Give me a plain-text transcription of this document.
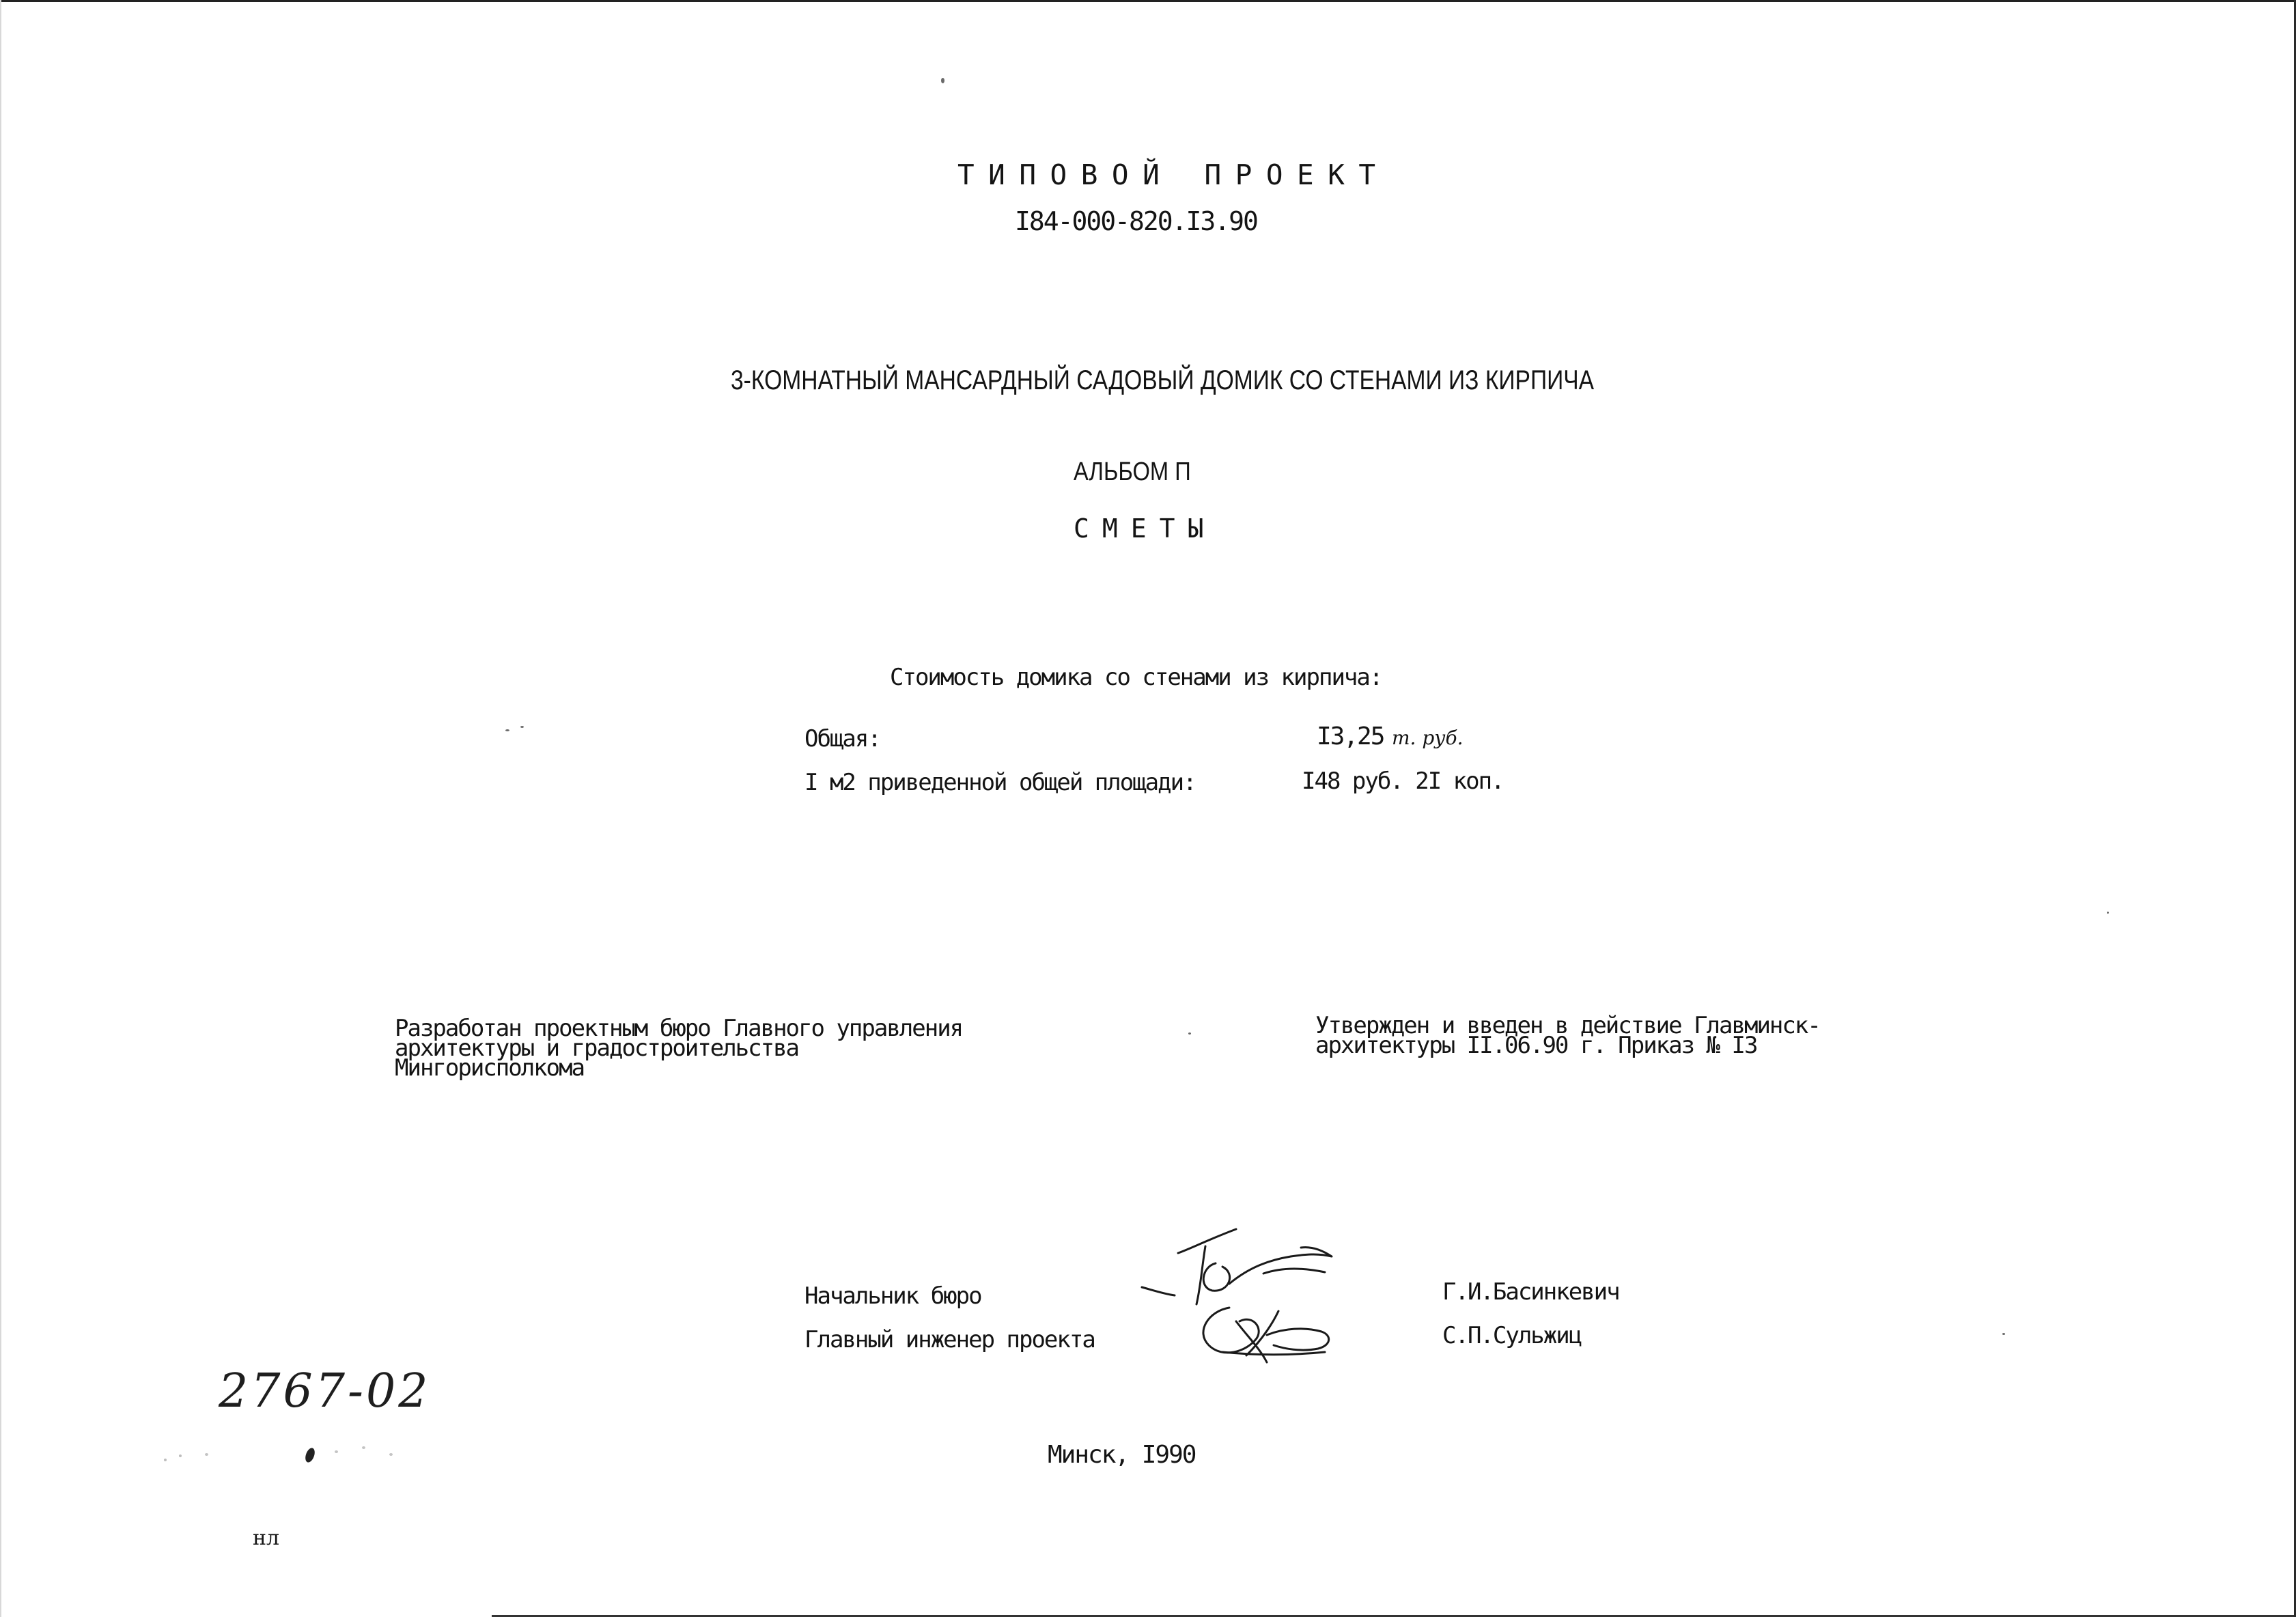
ТИПОВОЙ ПРОЕКТ
I84-000-820.I3.90
3-КОМНАТНЫЙ МАНСАРДНЫЙ САДОВЫЙ ДОМИК СО СТЕНАМИ ИЗ КИРПИЧА
АЛЬБОМ П
СМЕТЫ
Стоимость домика со стенами из кирпича:
Общая:	I3,25 т. руб.
I м2 приведенной общей площади:	I48 руб. 2I коп.
Разработан проектным бюро Главного управления
архитектуры и градостроительства
Мингорисполкома
Утвержден и введен в действие Главминск-
архитектуры II.06.90 г. Приказ № I3
Начальник бюро
Главный инженер проекта
Г.И.Басинкевич
С.П.Сульжиц
Минск, I990
2767-02
нл
